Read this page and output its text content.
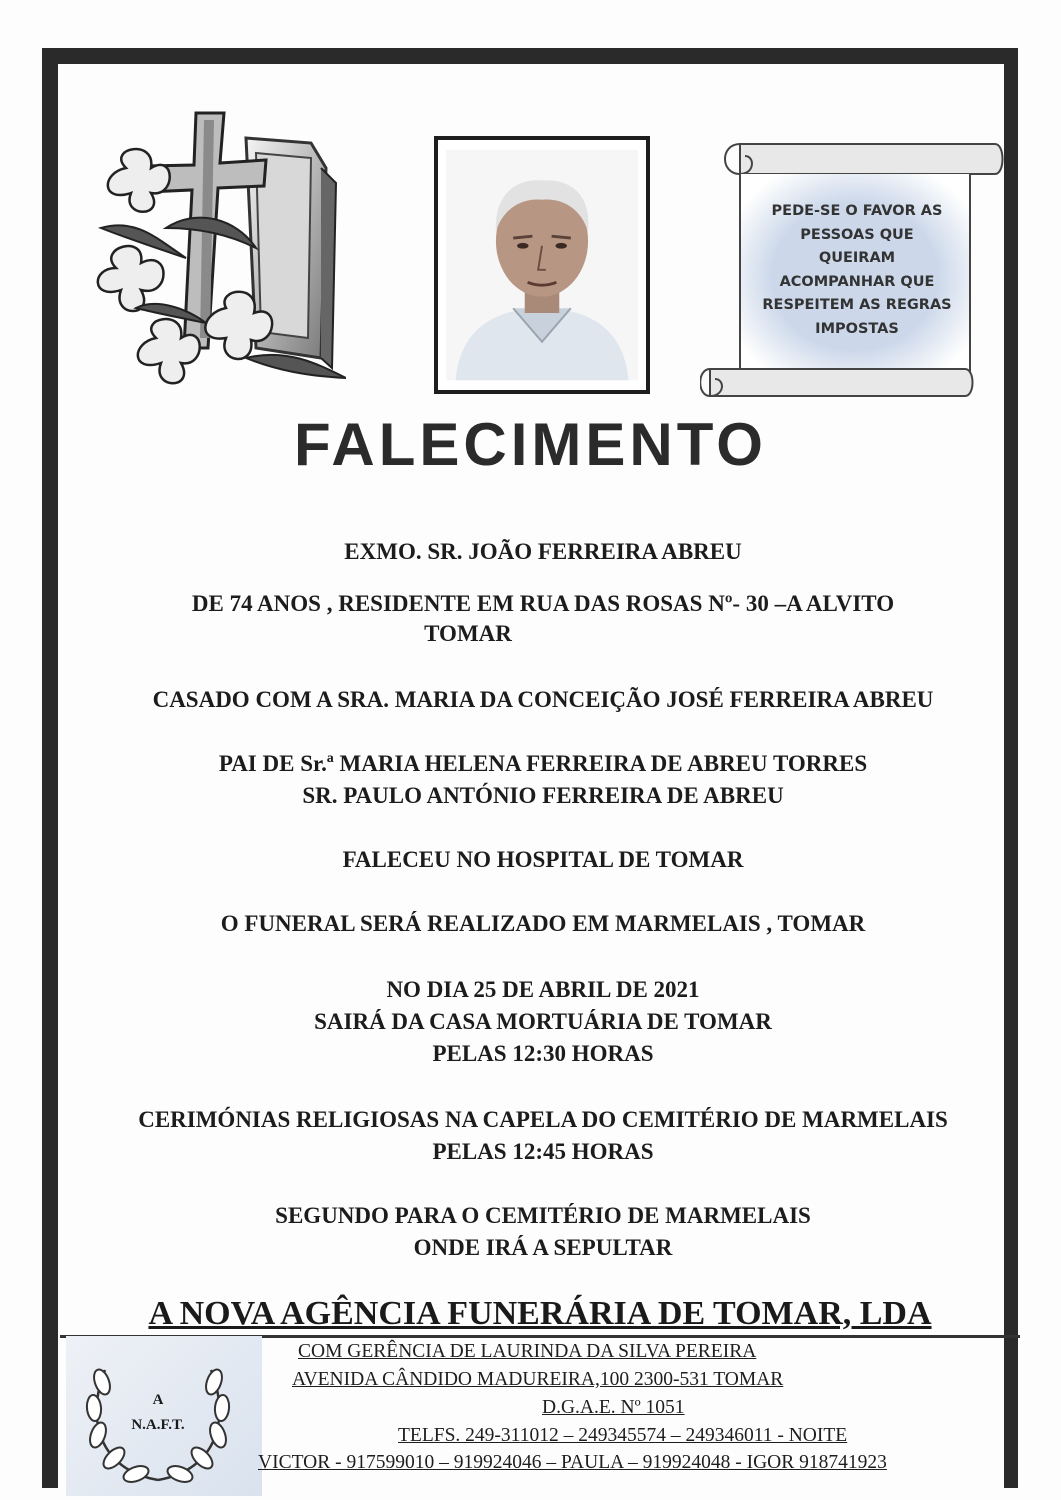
PEDE-SE O FAVOR AS PESSOAS QUE QUEIRAM ACOMPANHAR QUE RESPEITEM AS REGRAS IMPOSTAS

FALECIMENTO

EXMO. SR. JOÃO FERREIRA ABREU

DE 74 ANOS , RESIDENTE EM RUA DAS ROSAS Nº- 30 –A ALVITO

TOMAR

CASADO COM A SRA. MARIA DA CONCEIÇÃO JOSÉ FERREIRA ABREU

PAI DE Sr.ª MARIA HELENA FERREIRA DE ABREU TORRES

SR. PAULO ANTÓNIO FERREIRA DE ABREU

FALECEU NO HOSPITAL DE TOMAR

O FUNERAL SERÁ REALIZADO EM MARMELAIS , TOMAR

NO DIA 25 DE ABRIL DE 2021

SAIRÁ DA CASA MORTUÁRIA DE TOMAR

PELAS 12:30 HORAS

CERIMÓNIAS RELIGIOSAS NA CAPELA DO CEMITÉRIO DE MARMELAIS

PELAS 12:45 HORAS

SEGUNDO PARA O CEMITÉRIO DE MARMELAIS

ONDE IRÁ A SEPULTAR

A NOVA AGÊNCIA FUNERÁRIA DE TOMAR, LDA

A

N.A.F.T.

COM GERÊNCIA DE LAURINDA DA SILVA PEREIRA

AVENIDA CÂNDIDO MADUREIRA,100 2300-531 TOMAR

D.G.A.E. Nº 1051

TELFS. 249-311012 – 249345574 – 249346011 - NOITE

VICTOR - 917599010 – 919924046 – PAULA – 919924048 - IGOR 918741923
